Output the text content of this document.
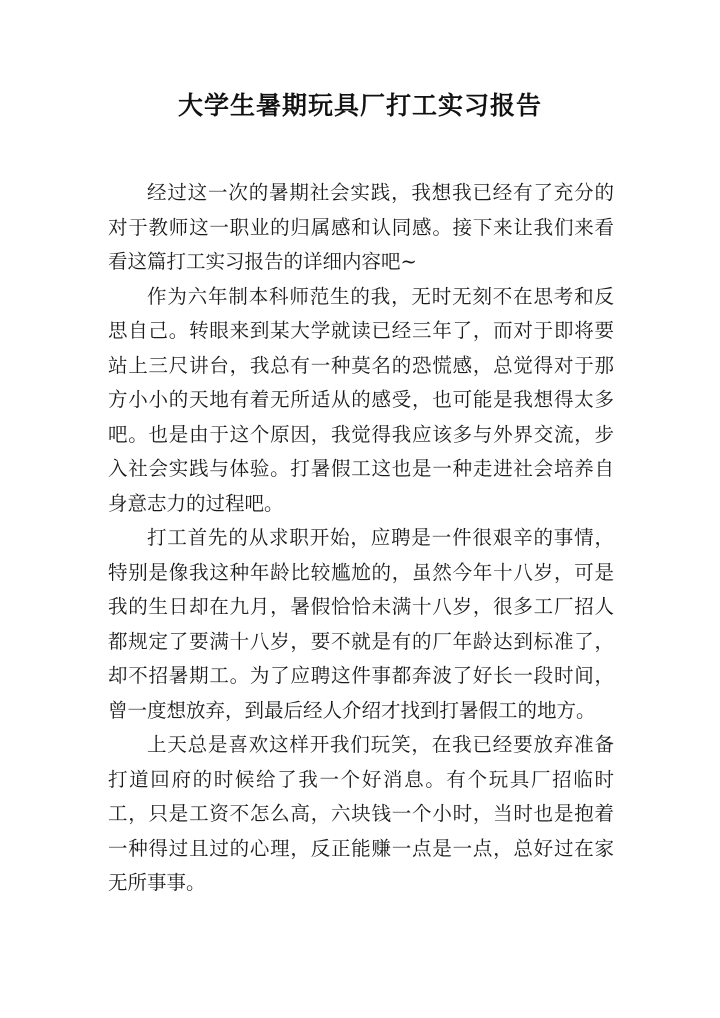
大学生暑期玩具厂打工实习报告

经过这一次的暑期社会实践，我想我已经有了充分的对于教师这一职业的归属感和认同感。接下来让我们来看看这篇打工实习报告的详细内容吧~

作为六年制本科师范生的我，无时无刻不在思考和反思自己。转眼来到某大学就读已经三年了，而对于即将要站上三尺讲台，我总有一种莫名的恐慌感，总觉得对于那方小小的天地有着无所适从的感受，也可能是我想得太多吧。也是由于这个原因，我觉得我应该多与外界交流，步入社会实践与体验。打暑假工这也是一种走进社会培养自身意志力的过程吧。

打工首先的从求职开始，应聘是一件很艰辛的事情，特别是像我这种年龄比较尴尬的，虽然今年十八岁，可是我的生日却在九月，暑假恰恰未满十八岁，很多工厂招人都规定了要满十八岁，要不就是有的厂年龄达到标准了，却不招暑期工。为了应聘这件事都奔波了好长一段时间，曾一度想放弃，到最后经人介绍才找到打暑假工的地方。

上天总是喜欢这样开我们玩笑，在我已经要放弃准备打道回府的时候给了我一个好消息。有个玩具厂招临时工，只是工资不怎么高，六块钱一个小时，当时也是抱着一种得过且过的心理，反正能赚一点是一点，总好过在家无所事事。
